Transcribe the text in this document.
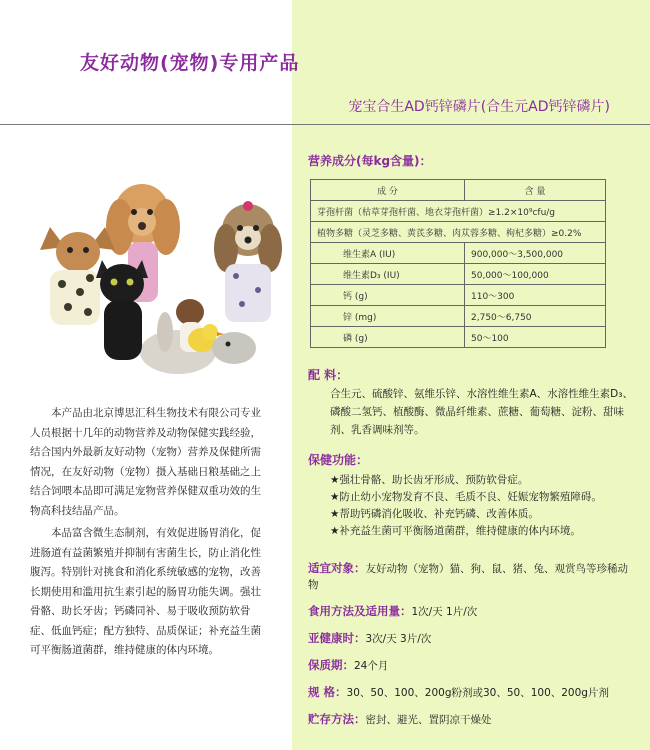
友好动物(宠物)专用产品
宠宝合生AD钙锌磷片(合生元AD钙锌磷片)

本产品由北京博思汇科生物技术有限公司专业人员根据十几年的动物营养及动物保健实践经验，结合国内外最新友好动物（宠物）营养及保健所需情况，在友好动物（宠物）摄入基础日粮基础之上结合饲喂本品即可满足宠物营养保健双重功效的生物高科技结晶产品。

本品富含微生态制剂，有效促进肠胃消化，促进肠道有益菌繁殖并抑制有害菌生长，防止消化性腹泻。特别针对挑食和消化系统敏感的宠物，改善长期使用和滥用抗生素引起的肠胃功能失调。强壮骨骼、助长牙齿；钙磷同补、易于吸收预防软骨症、低血钙症；配方独特、品质保证；补充益生菌可平衡肠道菌群，维持健康的体内环境。

营养成分(每kg含量)：
成 分	含 量
芽孢杆菌（枯草芽孢杆菌、地衣芽孢杆菌）≥1.2×10⁹cfu/g	
植物多糖（灵芝多糖、黄芪多糖、肉苁蓉多糖、枸杞多糖）≥0.2%	
维生素A (IU)	900,000～3,500,000
维生素D₃ (IU)	50,000～100,000
钙 (g)	110～300
锌 (mg)	2,750～6,750
磷 (g)	50～100
配 料：
合生元、硫酸锌、氨维乐锌、水溶性维生素A、水溶性维生素D₃、磷酸二氢钙、植酸酶、微晶纤维素、蔗糖、葡萄糖、淀粉、甜味剂、乳香调味剂等。
保健功能：
★强壮骨骼、助长齿牙形成、预防软骨症。
★防止幼小宠物发育不良、毛质不良、妊娠宠物繁殖障碍。
★帮助钙磷消化吸收、补充钙磷、改善体质。
★补充益生菌可平衡肠道菌群，维持健康的体内环境。
适宜对象：友好动物（宠物）猫、狗、鼠、猪、兔、观赏鸟等珍稀动物
食用方法及适用量：1次/天 1片/次
亚健康时：3次/天 3片/次
保质期：24个月
规 格：30、50、100、200g粉剂或30、50、100、200g片剂
贮存方法：密封、避光、置阴凉干燥处
